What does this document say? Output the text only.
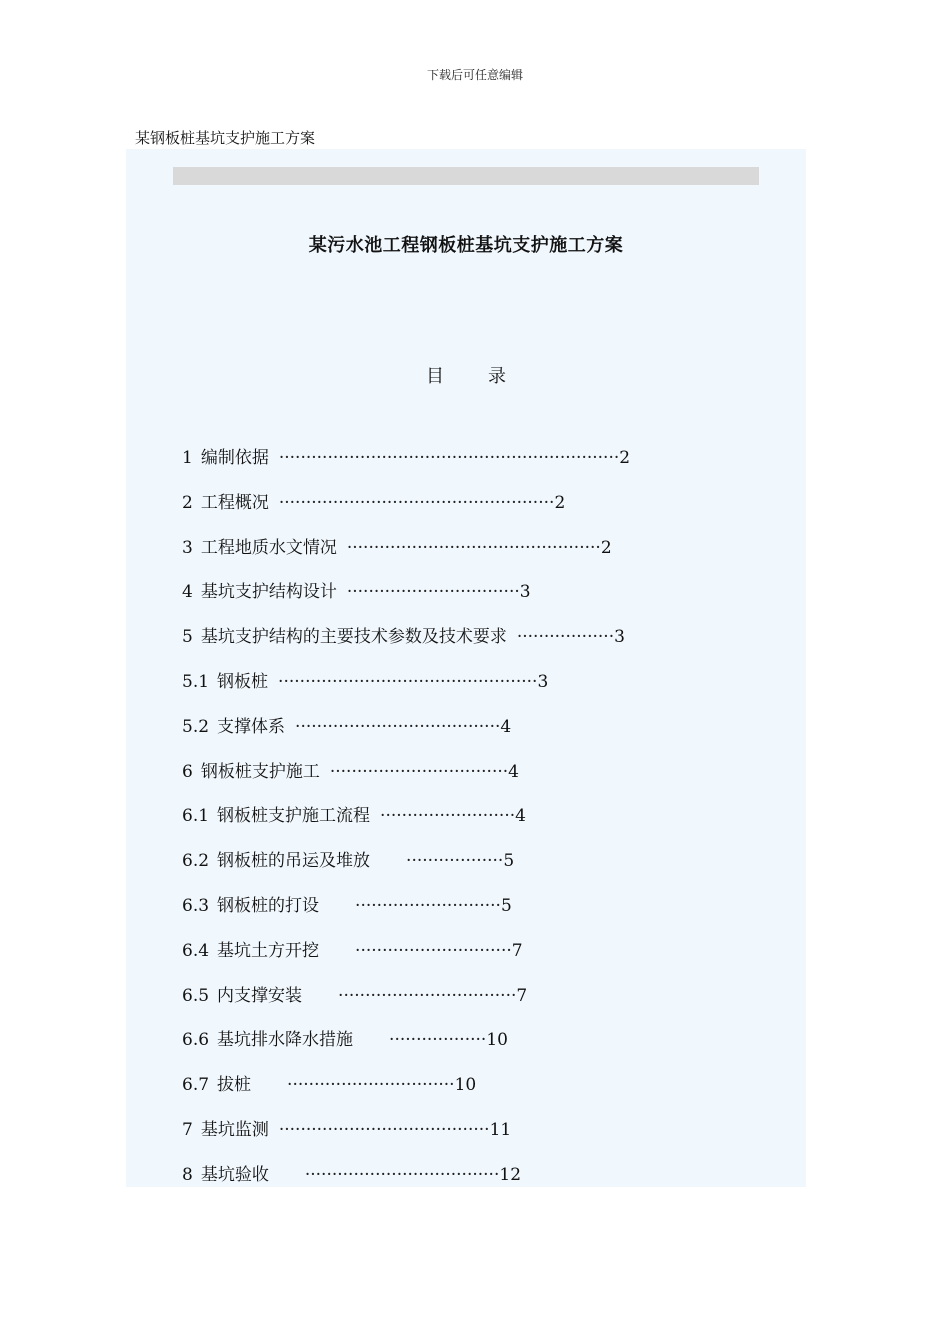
下载后可任意编辑
某钢板桩基坑支护施工方案
某污水池工程钢板桩基坑支护施工方案
目 录
1 编制依据 ·······························································2
2 工程概况 ···················································2
3 工程地质水文情况 ···············································2
4 基坑支护结构设计 ································3
5 基坑支护结构的主要技术参数及技术要求 ··················3
5.1 钢板桩 ················································3
5.2 支撑体系 ······································4
6 钢板桩支护施工 ·································4
6.1 钢板桩支护施工流程 ·························4
6.2 钢板桩的吊运及堆放 ··················5
6.3 钢板桩的打设 ···························5
6.4 基坑土方开挖 ·····························7
6.5 内支撑安装 ·································7
6.6 基坑排水降水措施 ··················10
6.7 拔桩 ·······························10
7 基坑监测 ·······································11
8 基坑验收 ····································12
